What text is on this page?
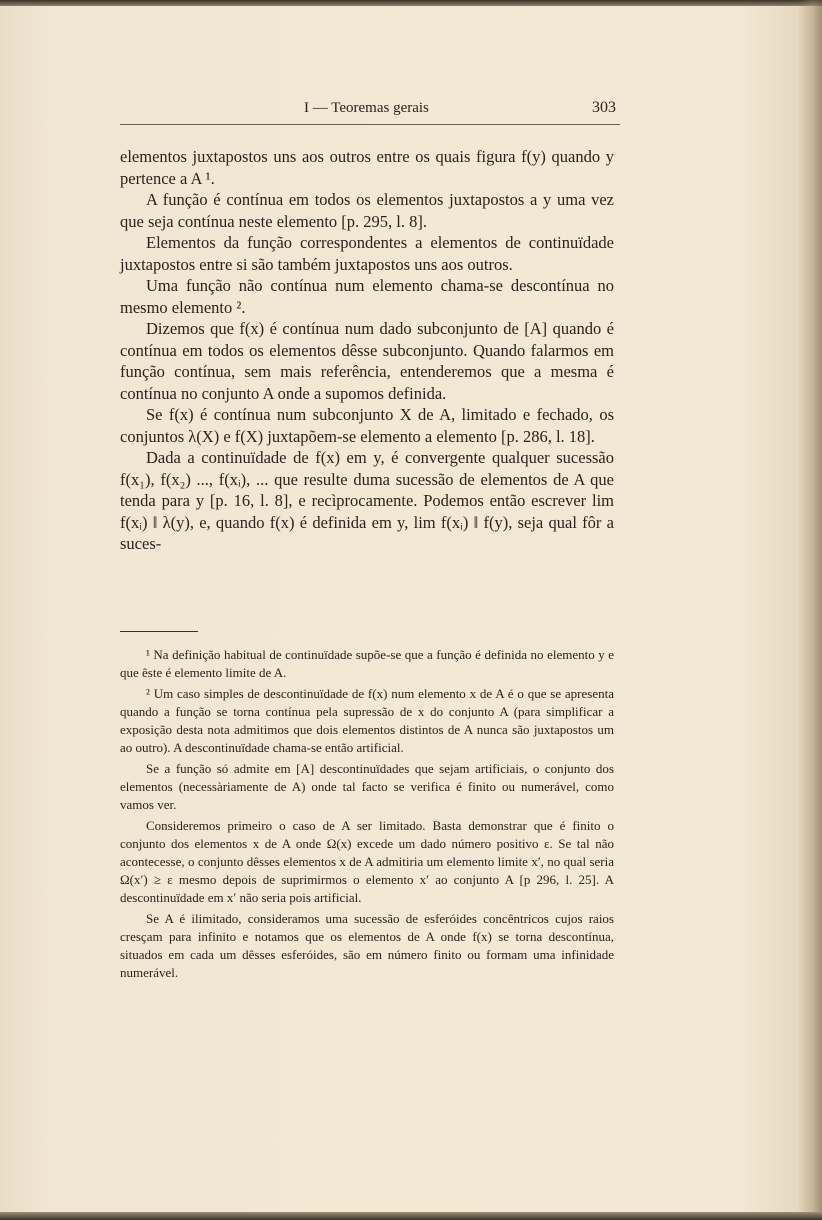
I — Teoremas gerais	303

elementos juxtapostos uns aos outros entre os quais figura f(y) quando y pertence a A ¹.

A função é contínua em todos os elementos juxtapostos a y uma vez que seja contínua neste elemento [p. 295, l. 8].

Elementos da função correspondentes a elementos de continuïdade juxtapostos entre si são também juxtapostos uns aos outros.

Uma função não contínua num elemento chama-se descontínua no mesmo elemento ².

Dizemos que f(x) é contínua num dado subconjunto de [A] quando é contínua em todos os elementos dêsse subconjunto. Quando falarmos em função contínua, sem mais referência, entenderemos que a mesma é contínua no conjunto A onde a supomos definida.

Se f(x) é contínua num subconjunto X de A, limitado e fechado, os conjuntos λ(X) e f(X) juxtapõem-se elemento a elemento [p. 286, l. 18].

Dada a continuïdade de f(x) em y, é convergente qualquer sucessão f(x₁), f(x₂) ..., f(xᵢ), ... que resulte duma sucessão de elementos de A que tenda para y [p. 16, l. 8], e recìprocamente. Podemos então escrever lim f(xᵢ) ‖ λ(y), e, quando f(x) é definida em y, lim f(xᵢ) ‖ f(y), seja qual fôr a suces-

¹ Na definição habitual de continuïdade supõe-se que a função é definida no elemento y e que êste é elemento limite de A.

² Um caso simples de descontinuïdade de f(x) num elemento x de A é o que se apresenta quando a função se torna contínua pela supressão de x do conjunto A (para simplificar a exposição desta nota admitimos que dois elementos distintos de A nunca são juxtapostos um ao outro). A descontinuïdade chama-se então artificial.

Se a função só admite em [A] descontinuïdades que sejam artificiais, o conjunto dos elementos (necessàriamente de A) onde tal facto se verifica é finito ou numerável, como vamos ver.

Consideremos primeiro o caso de A ser limitado. Basta demonstrar que é finito o conjunto dos elementos x de A onde Ω(x) excede um dado número positivo ε. Se tal não acontecesse, o conjunto dêsses elementos x de A admitiria um elemento limite x′, no qual seria Ω(x′) ≥ ε mesmo depois de suprimirmos o elemento x′ ao conjunto A [p 296, l. 25]. A descontinuïdade em x′ não seria pois artificial.

Se A é ilimitado, consideramos uma sucessão de esferóides concêntricos cujos raios cresçam para infinito e notamos que os elementos de A onde f(x) se torna descontínua, situados em cada um dêsses esferóides, são em número finito ou formam uma infinidade numerável.
